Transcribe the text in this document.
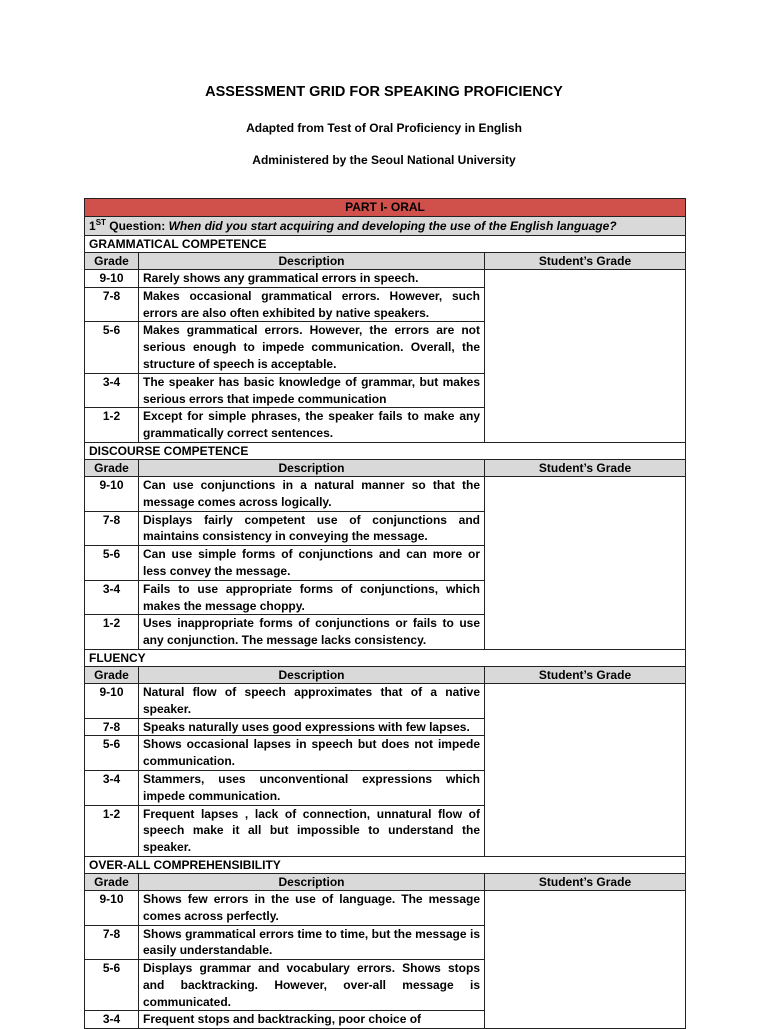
ASSESSMENT GRID FOR SPEAKING PROFICIENCY
Adapted from Test of Oral Proficiency in English
Administered by the Seoul National University
PART I- ORAL		
1ST Question: When did you start acquiring and developing the use of the English language?		
GRAMMATICAL COMPETENCE		
Grade	Description	Student’s Grade
9-10	Rarely shows any grammatical errors in speech.	
7-8	Makes occasional grammatical errors. However, such errors are also often exhibited by native speakers.	
5-6	Makes grammatical errors. However, the errors are not serious enough to impede communication. Overall, the structure of speech is acceptable.	
3-4	The speaker has basic knowledge of grammar, but makes serious errors that impede communication	
1-2	Except for simple phrases, the speaker fails to make any grammatically correct sentences.	
DISCOURSE COMPETENCE		
Grade	Description	Student’s Grade
9-10	Can use conjunctions in a natural manner so that the message comes across logically.	
7-8	Displays fairly competent use of conjunctions and maintains consistency in conveying the message.	
5-6	Can use simple forms of conjunctions and can more or less convey the message.	
3-4	Fails to use appropriate forms of conjunctions, which makes the message choppy.	
1-2	Uses inappropriate forms of conjunctions or fails to use any conjunction. The message lacks consistency.	
FLUENCY		
Grade	Description	Student’s Grade
9-10	Natural flow of speech approximates that of a native speaker.	
7-8	Speaks naturally uses good expressions with few lapses.	
5-6	Shows occasional lapses in speech but does not impede communication.	
3-4	Stammers, uses unconventional expressions which impede communication.	
1-2	Frequent lapses , lack of connection, unnatural flow of speech make it all but impossible to understand the speaker.	
OVER-ALL COMPREHENSIBILITY		
Grade	Description	Student’s Grade
9-10	Shows few errors in the use of language. The message comes across perfectly.	
7-8	Shows grammatical errors time to time, but the message is easily understandable.	
5-6	Displays grammar and vocabulary errors. Shows stops and backtracking. However, over-all message is communicated.	
3-4	Frequent stops and backtracking, poor choice of	
